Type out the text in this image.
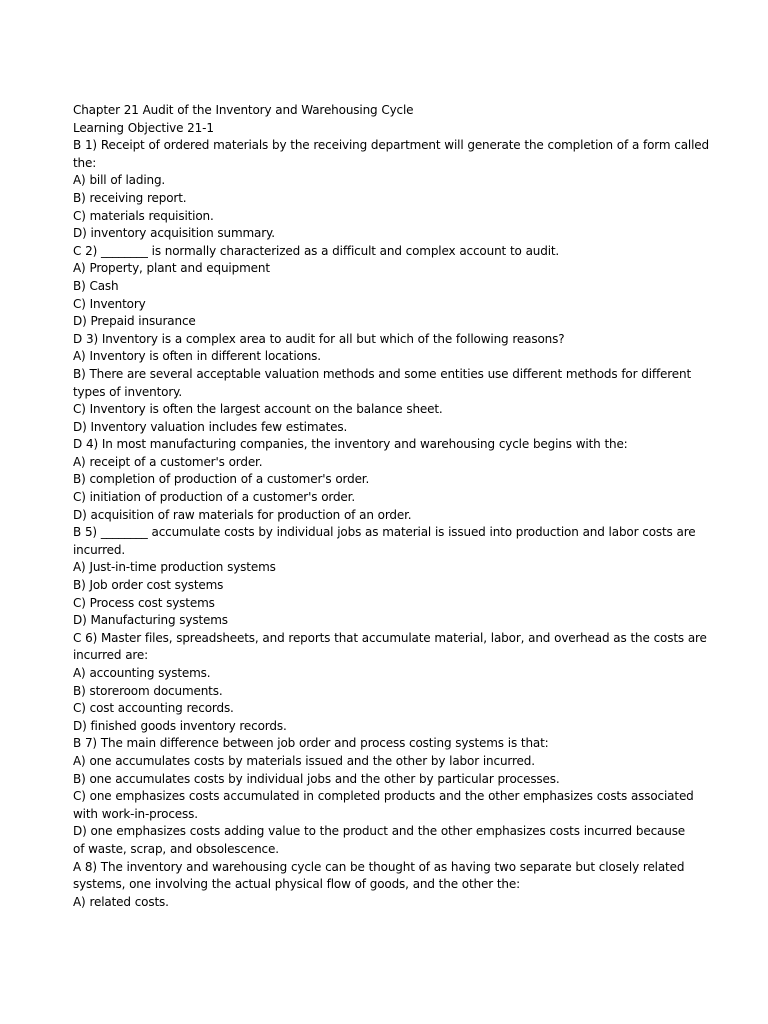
Chapter 21 Audit of the Inventory and Warehousing Cycle
Learning Objective 21-1
B 1) Receipt of ordered materials by the receiving department will generate the completion of a form called
the:
A) bill of lading.
B) receiving report.
C) materials requisition.
D) inventory acquisition summary.
C 2) ________ is normally characterized as a difficult and complex account to audit.
A) Property, plant and equipment
B) Cash
C) Inventory
D) Prepaid insurance
D 3) Inventory is a complex area to audit for all but which of the following reasons?
A) Inventory is often in different locations.
B) There are several acceptable valuation methods and some entities use different methods for different
types of inventory.
C) Inventory is often the largest account on the balance sheet.
D) Inventory valuation includes few estimates.
D 4) In most manufacturing companies, the inventory and warehousing cycle begins with the:
A) receipt of a customer's order.
B) completion of production of a customer's order.
C) initiation of production of a customer's order.
D) acquisition of raw materials for production of an order.
B 5) ________ accumulate costs by individual jobs as material is issued into production and labor costs are
incurred.
A) Just-in-time production systems
B) Job order cost systems
C) Process cost systems
D) Manufacturing systems
C 6) Master files, spreadsheets, and reports that accumulate material, labor, and overhead as the costs are
incurred are:
A) accounting systems.
B) storeroom documents.
C) cost accounting records.
D) finished goods inventory records.
B 7) The main difference between job order and process costing systems is that:
A) one accumulates costs by materials issued and the other by labor incurred.
B) one accumulates costs by individual jobs and the other by particular processes.
C) one emphasizes costs accumulated in completed products and the other emphasizes costs associated
with work-in-process.
D) one emphasizes costs adding value to the product and the other emphasizes costs incurred because
of waste, scrap, and obsolescence.
A 8) The inventory and warehousing cycle can be thought of as having two separate but closely related
systems, one involving the actual physical flow of goods, and the other the:
A) related costs.
